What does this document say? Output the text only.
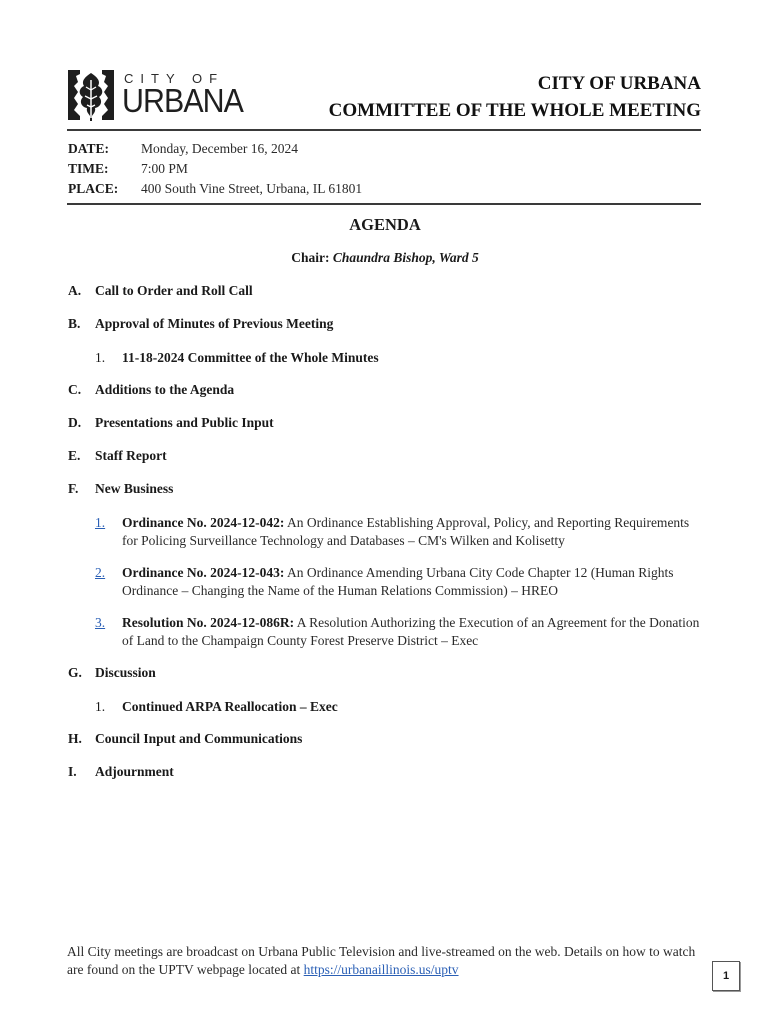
CITY OF
URBANA	CITY OF URBANA
COMMITTEE OF THE WHOLE MEETING
DATE:	Monday, December 16, 2024
TIME:	7:00 PM
PLACE:	400 South Vine Street, Urbana, IL 61801
AGENDA
Chair: Chaundra Bishop, Ward 5
A. Call to Order and Roll Call
B. Approval of Minutes of Previous Meeting
1.	11-18-2024 Committee of the Whole Minutes
C. Additions to the Agenda
D. Presentations and Public Input
E. Staff Report
F. New Business
1.	Ordinance No. 2024-12-042: An Ordinance Establishing Approval, Policy, and Reporting Requirements for Policing Surveillance Technology and Databases – CM's Wilken and Kolisetty
2.	Ordinance No. 2024-12-043: An Ordinance Amending Urbana City Code Chapter 12 (Human Rights Ordinance – Changing the Name of the Human Relations Commission) – HREO
3.	Resolution No. 2024-12-086R: A Resolution Authorizing the Execution of an Agreement for the Donation of Land to the Champaign County Forest Preserve District – Exec
G. Discussion
1.	Continued ARPA Reallocation – Exec
H. Council Input and Communications
I. Adjournment
All City meetings are broadcast on Urbana Public Television and live-streamed on the web. Details on how to watch are found on the UPTV webpage located at https://urbanaillinois.us/uptv	1
